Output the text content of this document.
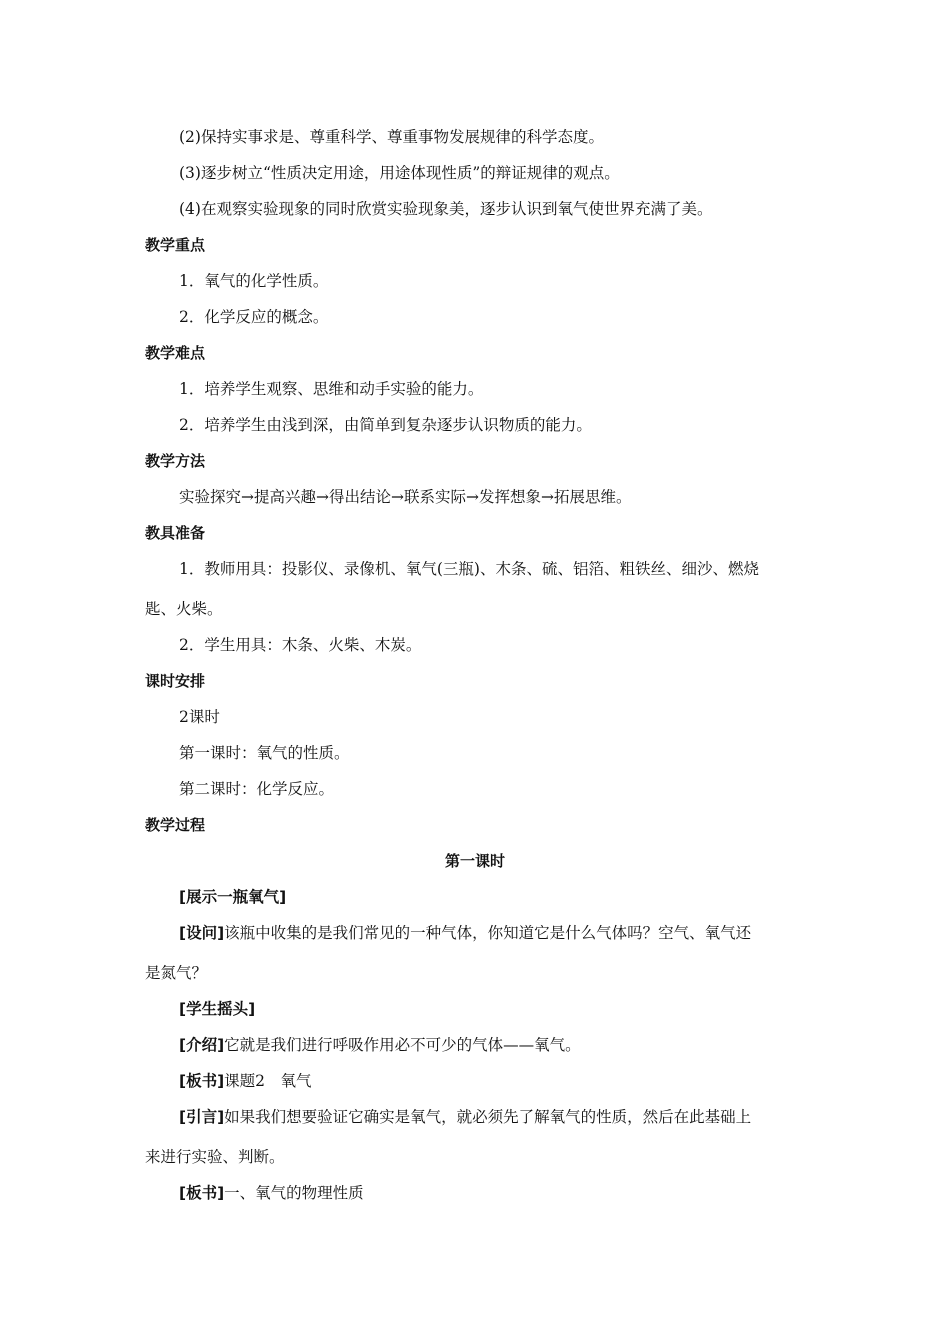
(2)保持实事求是、尊重科学、尊重事物发展规律的科学态度。
(3)逐步树立“性质决定用途，用途体现性质”的辩证规律的观点。
(4)在观察实验现象的同时欣赏实验现象美，逐步认识到氧气使世界充满了美。
教学重点
1．氧气的化学性质。
2．化学反应的概念。
教学难点
1．培养学生观察、思维和动手实验的能力。
2．培养学生由浅到深，由简单到复杂逐步认识物质的能力。
教学方法
实验探究→提高兴趣→得出结论→联系实际→发挥想象→拓展思维。
教具准备
1．教师用具：投影仪、录像机、氧气(三瓶)、木条、硫、铝箔、粗铁丝、细沙、燃烧
匙、火柴。
2．学生用具：木条、火柴、木炭。
课时安排
2课时
第一课时：氧气的性质。
第二课时：化学反应。
教学过程
第一课时
[展示一瓶氧气]
[设问]该瓶中收集的是我们常见的一种气体，你知道它是什么气体吗？空气、氧气还
是氮气？
[学生摇头]
[介绍]它就是我们进行呼吸作用必不可少的气体——氧气。
[板书]课题2　氧气
[引言]如果我们想要验证它确实是氧气，就必须先了解氧气的性质，然后在此基础上
来进行实验、判断。
[板书]一、氧气的物理性质
